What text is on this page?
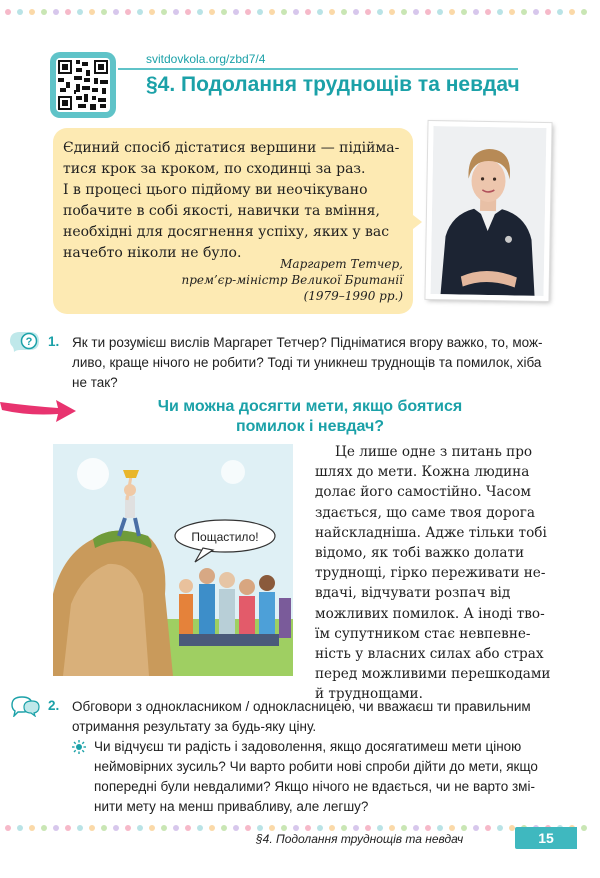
svitdovkola.org/zbd7/4
§4. Подолання труднощів та невдач
Єдиний спосіб дістатися вершини — підійма-
тися крок за кроком, по сходинці за раз.
І в процесі цього підйому ви неочікувано
побачите в собі якості, навички та вміння,
необхідні для досягнення успіху, яких у вас
начебто ніколи не було.
Маргарет Тетчер,
прем’єр-міністр Великої Британії
(1979–1990 рр.)
? 1. Як ти розумієш вислів Маргарет Тетчер? Підніматися вгору важко, то, мож-
ливо, краще нічого не робити? Тоді ти уникнеш труднощів та помилок, хіба
не так?
Чи можна досягти мети, якщо боятися
помилок і невдач?
Пощастило!
Це лише одне з питань про
шлях до мети. Кожна людина
долає його самостійно. Часом
здається, що саме твоя дорога
найскладніша. Адже тільки тобі
відомо, як тобі важко долати
труднощі, гірко переживати не-
вдачі, відчувати розпач від
можливих помилок. А іноді тво-
їм супутником стає невпевне-
ність у власних силах або страх
перед можливими перешкодами
й труднощами.
2. Обговори з однокласником / однокласницею, чи вважаєш ти правильним
отримання результату за будь-яку ціну.
Чи відчуєш ти радість і задоволення, якщо досягатимеш мети ціною
неймовірних зусиль? Чи варто робити нові спроби дійти до мети, якщо
попередні були невдалими? Якщо нічого не вдається, чи не варто змі-
нити мету на менш привабливу, але легшу?
§4. Подолання труднощів та невдач	15
